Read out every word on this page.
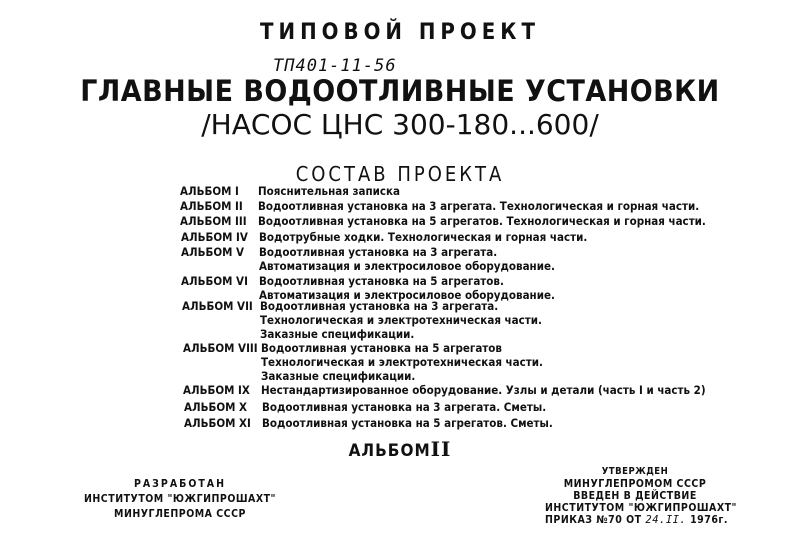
ТИПОВОЙ ПРОЕКТ
ТП401-11-56
ГЛАВНЫЕ ВОДООТЛИВНЫЕ УСТАНОВКИ
/НАСОС ЦНС 300-180...600/
СОСТАВ ПРОЕКТА
АЛЬБОМ I Пояснительная записка
АЛЬБОМ II Водоотливная установка на 3 агрегата. Технологическая и горная части.
АЛЬБОМ III Водоотливная установка на 5 агрегатов. Технологическая и горная части.
АЛЬБОМ IV Водотрубные ходки. Технологическая и горная части.
АЛЬБОМ V Водоотливная установка на 3 агрегата.
Автоматизация и электросиловое оборудование.
АЛЬБОМ VI Водоотливная установка на 5 агрегатов.
Автоматизация и электросиловое оборудование.
АЛЬБОМ VII Водоотливная установка на 3 агрегата.
Технологическая и электротехническая части.
Заказные спецификации.
АЛЬБОМ VIII Водоотливная установка на 5 агрегатов
Технологическая и электротехническая части.
Заказные спецификации.
АЛЬБОМ IX Нестандартизированное оборудование. Узлы и детали (часть I и часть 2)
АЛЬБОМ X Водоотливная установка на 3 агрегата. Сметы.
АЛЬБОМ XI Водоотливная установка на 5 агрегатов. Сметы.
АЛЬБОМII
РАЗРАБОТАН
ИНСТИТУТОМ "ЮЖГИПРОШАХТ"
МИНУГЛЕПРОМА СССР
УТВЕРЖДЕН
МИНУГЛЕПРОМОМ СССР
ВВЕДЕН В ДЕЙСТВИЕ
ИНСТИТУТОМ "ЮЖГИПРОШАХТ"
ПРИКАЗ №70 ОТ 24.II. 1976г.
